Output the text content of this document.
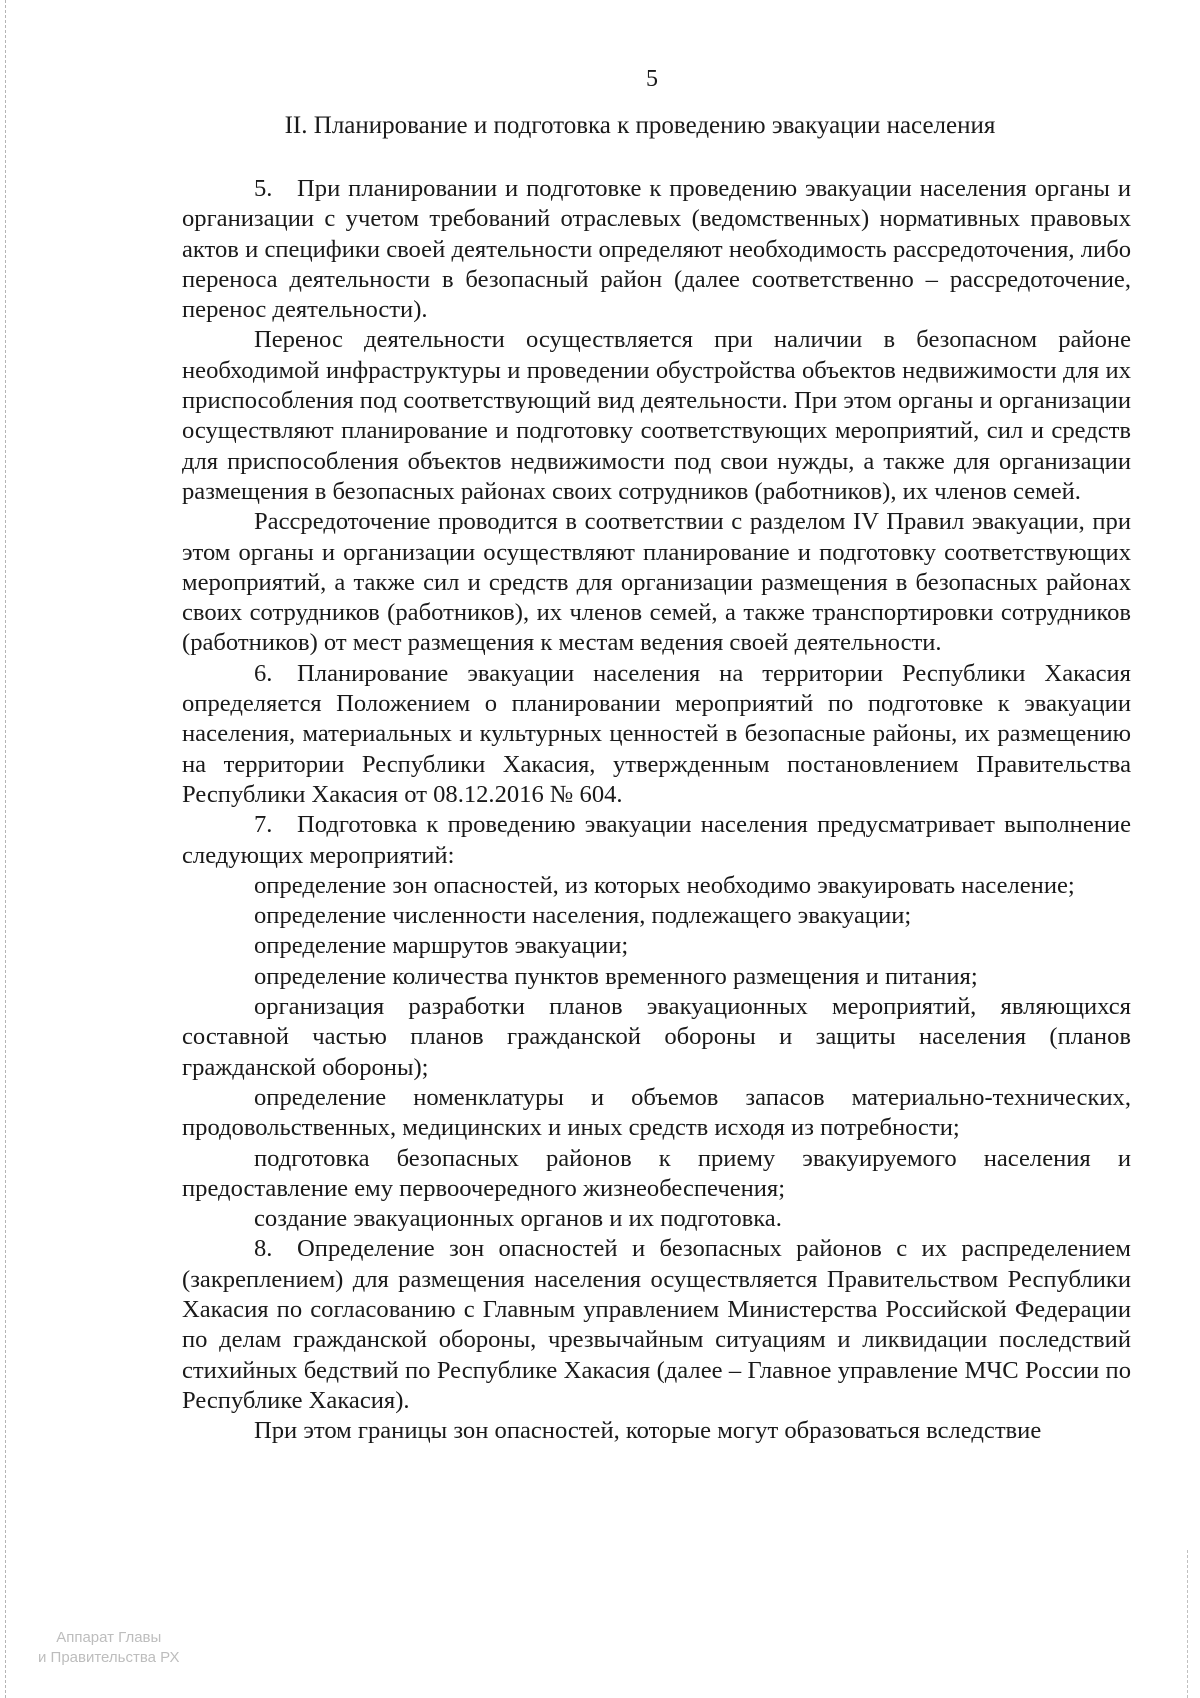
5
II. Планирование и подготовка к проведению эвакуации населения

5. При планировании и подготовке к проведению эвакуации населения органы и организации с учетом требований отраслевых (ведомственных) нормативных правовых актов и специфики своей деятельности определяют необходимость рассредоточения, либо переноса деятельности в безопасный район (далее соответственно – рассредоточение, перенос деятельности).

Перенос деятельности осуществляется при наличии в безопасном районе необходимой инфраструктуры и проведении обустройства объектов недвижимости для их приспособления под соответствующий вид деятельности. При этом органы и организации осуществляют планирование и подготовку соответствующих мероприятий, сил и средств для приспособления объектов недвижимости под свои нужды, а также для организации размещения в безопасных районах своих сотрудников (работников), их членов семей.

Рассредоточение проводится в соответствии с разделом IV Правил эвакуации, при этом органы и организации осуществляют планирование и подготовку соответствующих мероприятий, а также сил и средств для организации размещения в безопасных районах своих сотрудников (работников), их членов семей, а также транспортировки сотрудников (работников) от мест размещения к местам ведения своей деятельности.

6. Планирование эвакуации населения на территории Республики Хакасия определяется Положением о планировании мероприятий по подготовке к эвакуации населения, материальных и культурных ценностей в безопасные районы, их размещению на территории Республики Хакасия, утвержденным постановлением Правительства Республики Хакасия от 08.12.2016 № 604.

7. Подготовка к проведению эвакуации населения предусматривает выполнение следующих мероприятий:

определение зон опасностей, из которых необходимо эвакуировать население;

определение численности населения, подлежащего эвакуации;

определение маршрутов эвакуации;

определение количества пунктов временного размещения и питания;

организация разработки планов эвакуационных мероприятий, являющихся составной частью планов гражданской обороны и защиты населения (планов гражданской обороны);

определение номенклатуры и объемов запасов материально-технических, продовольственных, медицинских и иных средств исходя из потребности;

подготовка безопасных районов к приему эвакуируемого населения и предоставление ему первоочередного жизнеобеспечения;

создание эвакуационных органов и их подготовка.

8. Определение зон опасностей и безопасных районов с их распределением (закреплением) для размещения населения осуществляется Правительством Республики Хакасия по согласованию с Главным управлением Министерства Российской Федерации по делам гражданской обороны, чрезвычайным ситуациям и ликвидации последствий стихийных бедствий по Республике Хакасия (далее – Главное управление МЧС России по Республике Хакасия).

При этом границы зон опасностей, которые могут образоваться вследствие

Аппарат Главы
и Правительства РХ
